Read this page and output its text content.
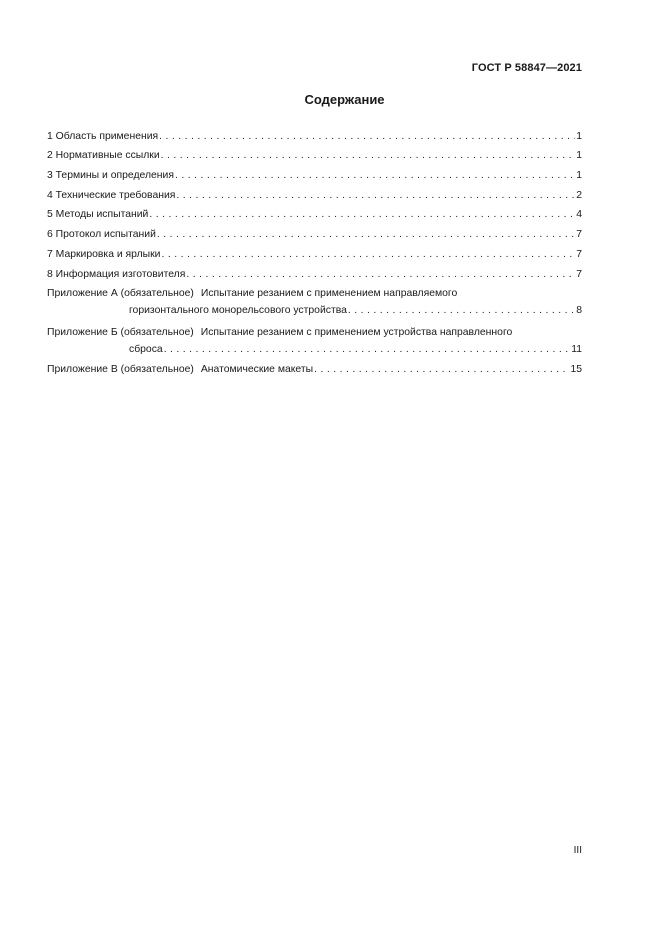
ГОСТ Р 58847—2021
Содержание
1 Область применения . . .	1
2 Нормативные ссылки . . .	1
3 Термины и определения . . .	1
4 Технические требования . . .	2
5 Методы испытаний . . .	4
6 Протокол испытаний . . .	7
7 Маркировка и ярлыки . . .	7
8 Информация изготовителя . . .	7
Приложение А (обязательное) Испытание резанием с применением направляемого
горизонтального монорельсового устройства . . .	8
Приложение Б (обязательное) Испытание резанием с применением устройства направленного
сброса . . .	11
Приложение В (обязательное) Анатомические макеты . . .	15
III
